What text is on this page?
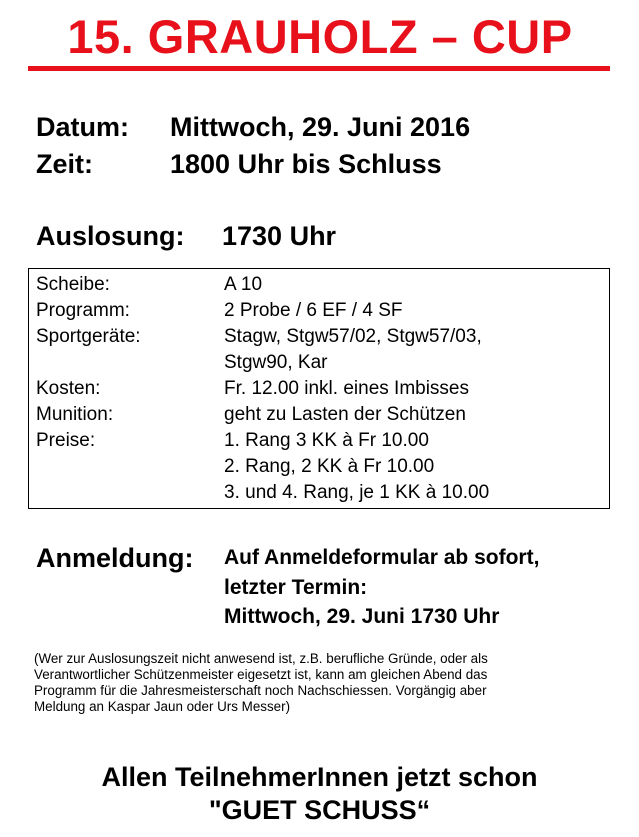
15. GRAUHOLZ – CUP
Datum: Mittwoch, 29. Juni 2016
Zeit:	1800 Uhr bis Schluss
Auslosung: 1730 Uhr
Scheibe:	A 10
Programm:	2 Probe / 6 EF / 4 SF
Sportgeräte:	Stagw, Stgw57/02, Stgw57/03,
Stgw90, Kar
Kosten:	Fr. 12.00 inkl. eines Imbisses
Munition:	geht zu Lasten der Schützen
Preise:	1. Rang 3 KK à Fr 10.00
2. Rang, 2 KK à Fr 10.00
3. und 4. Rang, je 1 KK à 10.00
Anmeldung: Auf Anmeldeformular ab sofort,
letzter Termin:
Mittwoch, 29. Juni 1730 Uhr

(Wer zur Auslosungszeit nicht anwesend ist, z.B. berufliche Gründe, oder als

Verantwortlicher Schützenmeister eigesetzt ist, kann am gleichen Abend das

Programm für die Jahresmeisterschaft noch Nachschiessen. Vorgängig aber

Meldung an Kaspar Jaun oder Urs Messer)

Allen TeilnehmerInnen jetzt schon
"GUET SCHUSS“
